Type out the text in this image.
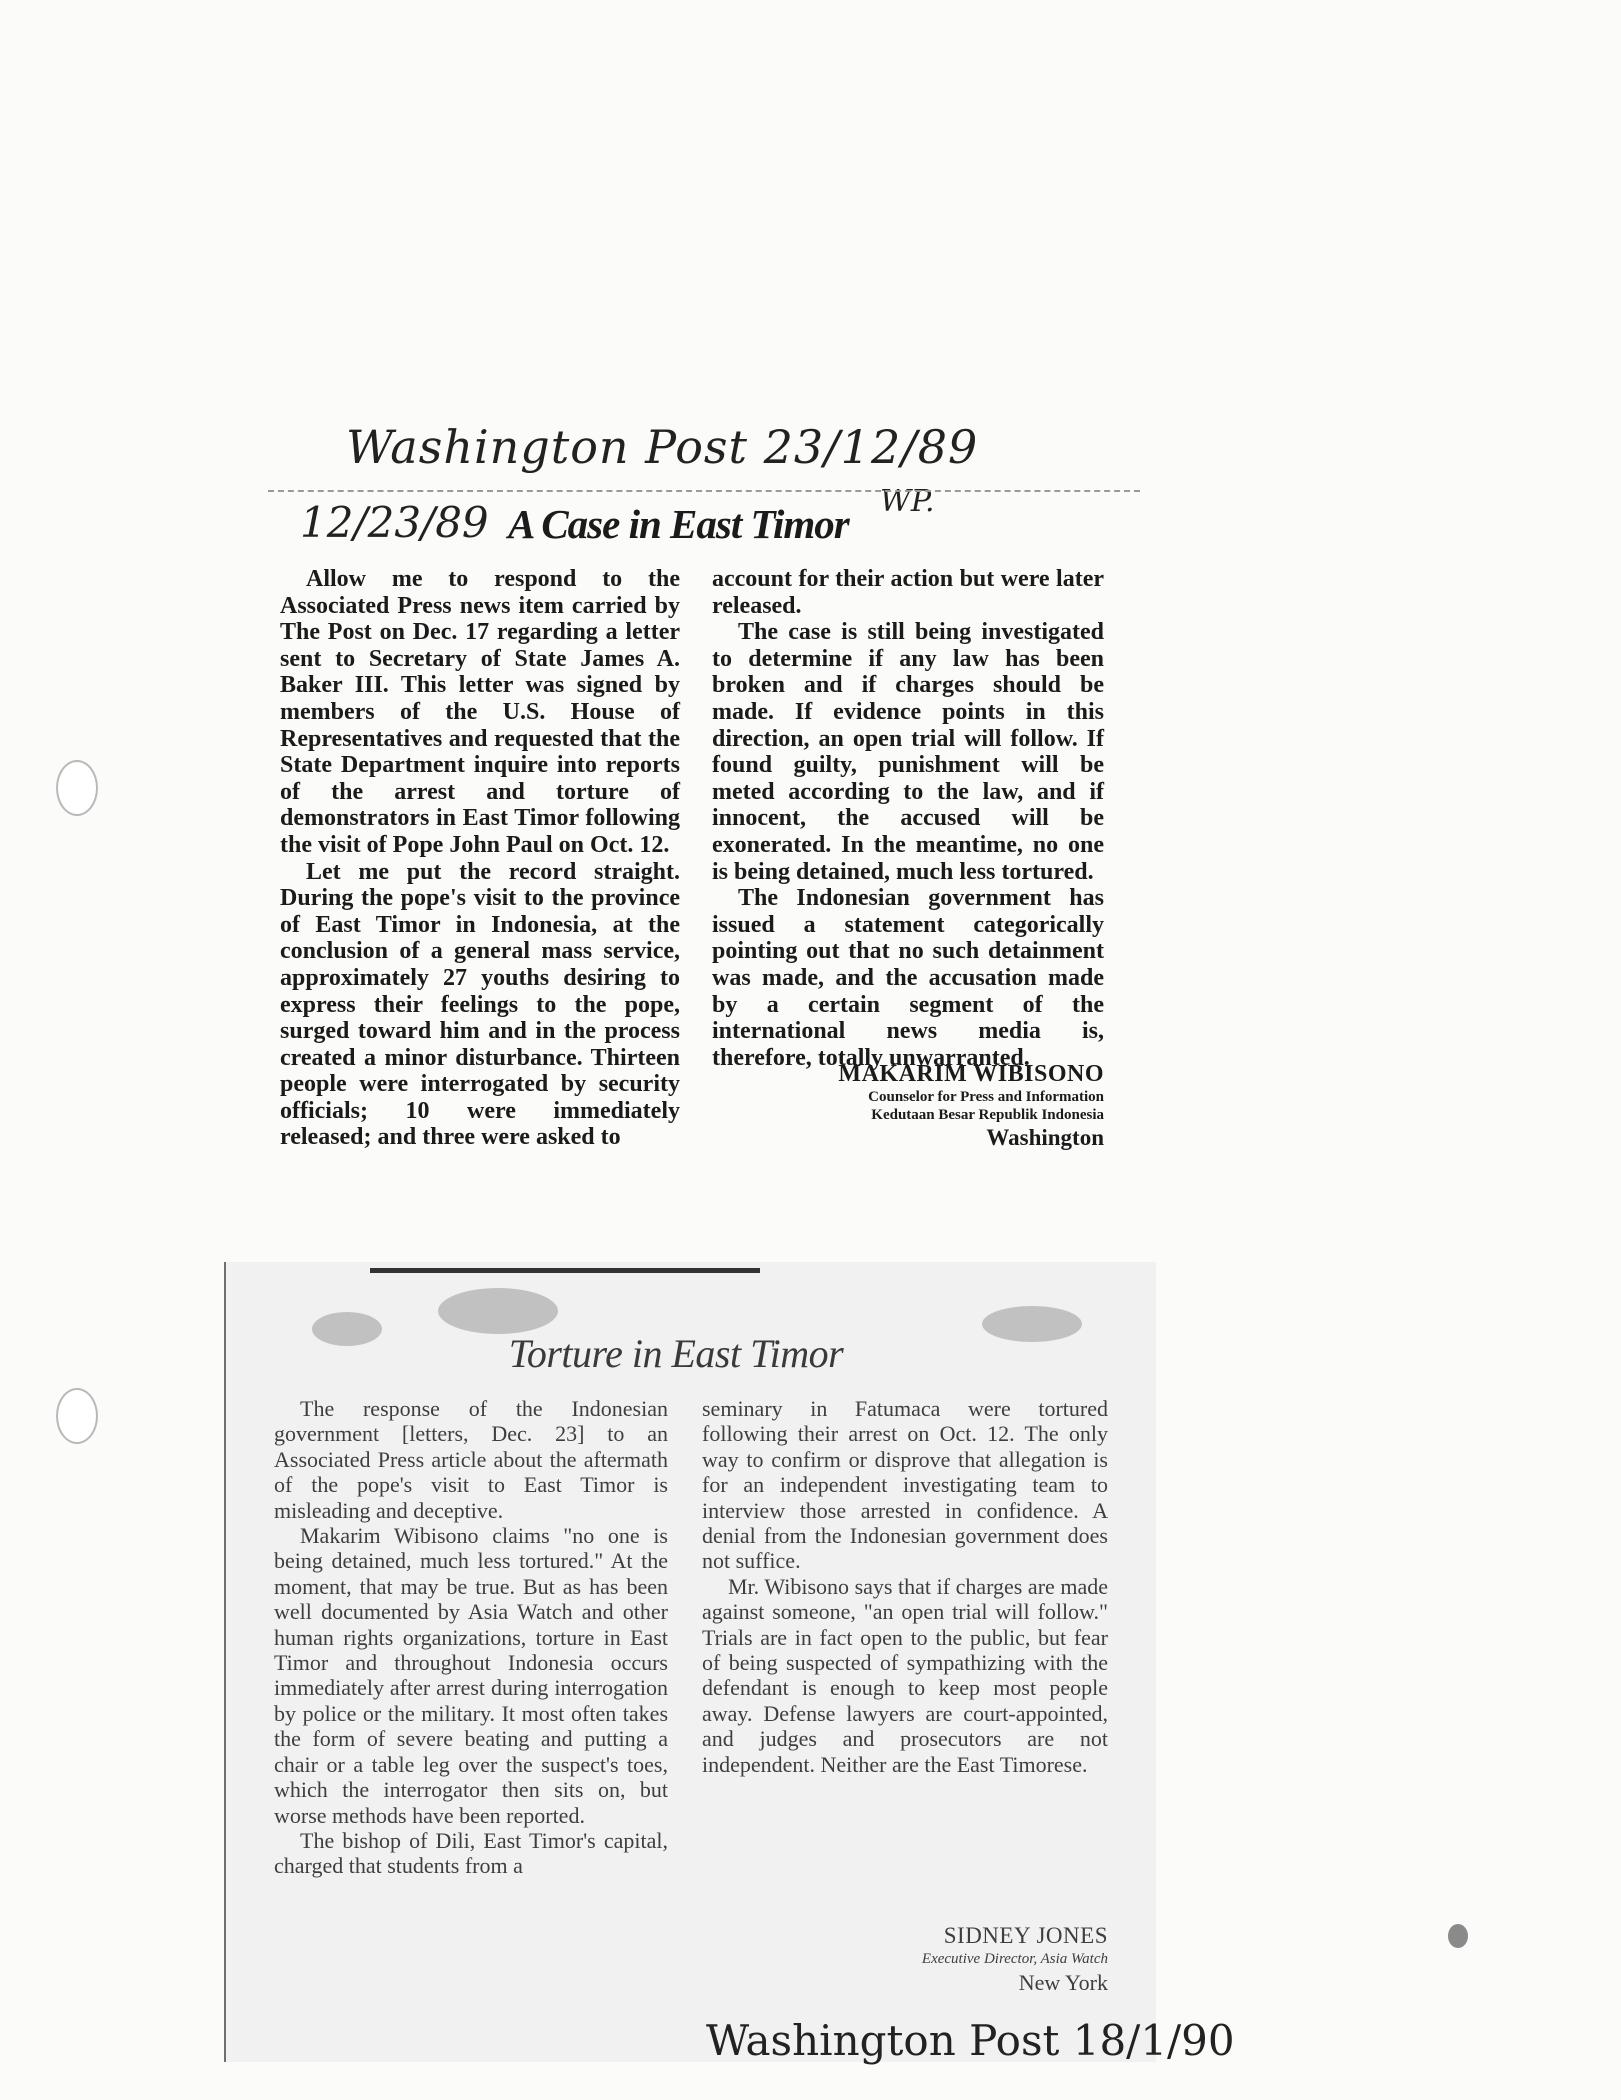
Washington Post 23/12/89
12/23/89	WP.
A Case in East Timor

Allow me to respond to the Associated Press news item carried by The Post on Dec. 17 regarding a letter sent to Secretary of State James A. Baker III. This letter was signed by members of the U.S. House of Representatives and requested that the State Department inquire into reports of the arrest and torture of demonstrators in East Timor following the visit of Pope John Paul on Oct. 12.

Let me put the record straight. During the pope's visit to the province of East Timor in Indonesia, at the conclusion of a general mass service, approximately 27 youths desiring to express their feelings to the pope, surged toward him and in the process created a minor disturbance. Thirteen people were interrogated by security officials; 10 were immediately released; and three were asked to

account for their action but were later released.

The case is still being investigated to determine if any law has been broken and if charges should be made. If evidence points in this direction, an open trial will follow. If found guilty, punishment will be meted according to the law, and if innocent, the accused will be exonerated. In the meantime, no one is being detained, much less tortured.

The Indonesian government has issued a statement categorically pointing out that no such detainment was made, and the accusation made by a certain segment of the international news media is, therefore, totally unwarranted.

MAKARIM WIBISONO
Counselor for Press and Information
Kedutaan Besar Republik Indonesia
Washington
Torture in East Timor

The response of the Indonesian government [letters, Dec. 23] to an Associated Press article about the aftermath of the pope's visit to East Timor is misleading and deceptive.

Makarim Wibisono claims "no one is being detained, much less tortured." At the moment, that may be true. But as has been well documented by Asia Watch and other human rights organizations, torture in East Timor and throughout Indonesia occurs immediately after arrest during interrogation by police or the military. It most often takes the form of severe beating and putting a chair or a table leg over the suspect's toes, which the interrogator then sits on, but worse methods have been reported.

The bishop of Dili, East Timor's capital, charged that students from a

seminary in Fatumaca were tortured following their arrest on Oct. 12. The only way to confirm or disprove that allegation is for an independent investigating team to interview those arrested in confidence. A denial from the Indonesian government does not suffice.

Mr. Wibisono says that if charges are made against someone, "an open trial will follow." Trials are in fact open to the public, but fear of being suspected of sympathizing with the defendant is enough to keep most people away. Defense lawyers are court-appointed, and judges and prosecutors are not independent. Neither are the East Timorese.

SIDNEY JONES
Executive Director, Asia Watch
New York
Washington Post 18/1/90
